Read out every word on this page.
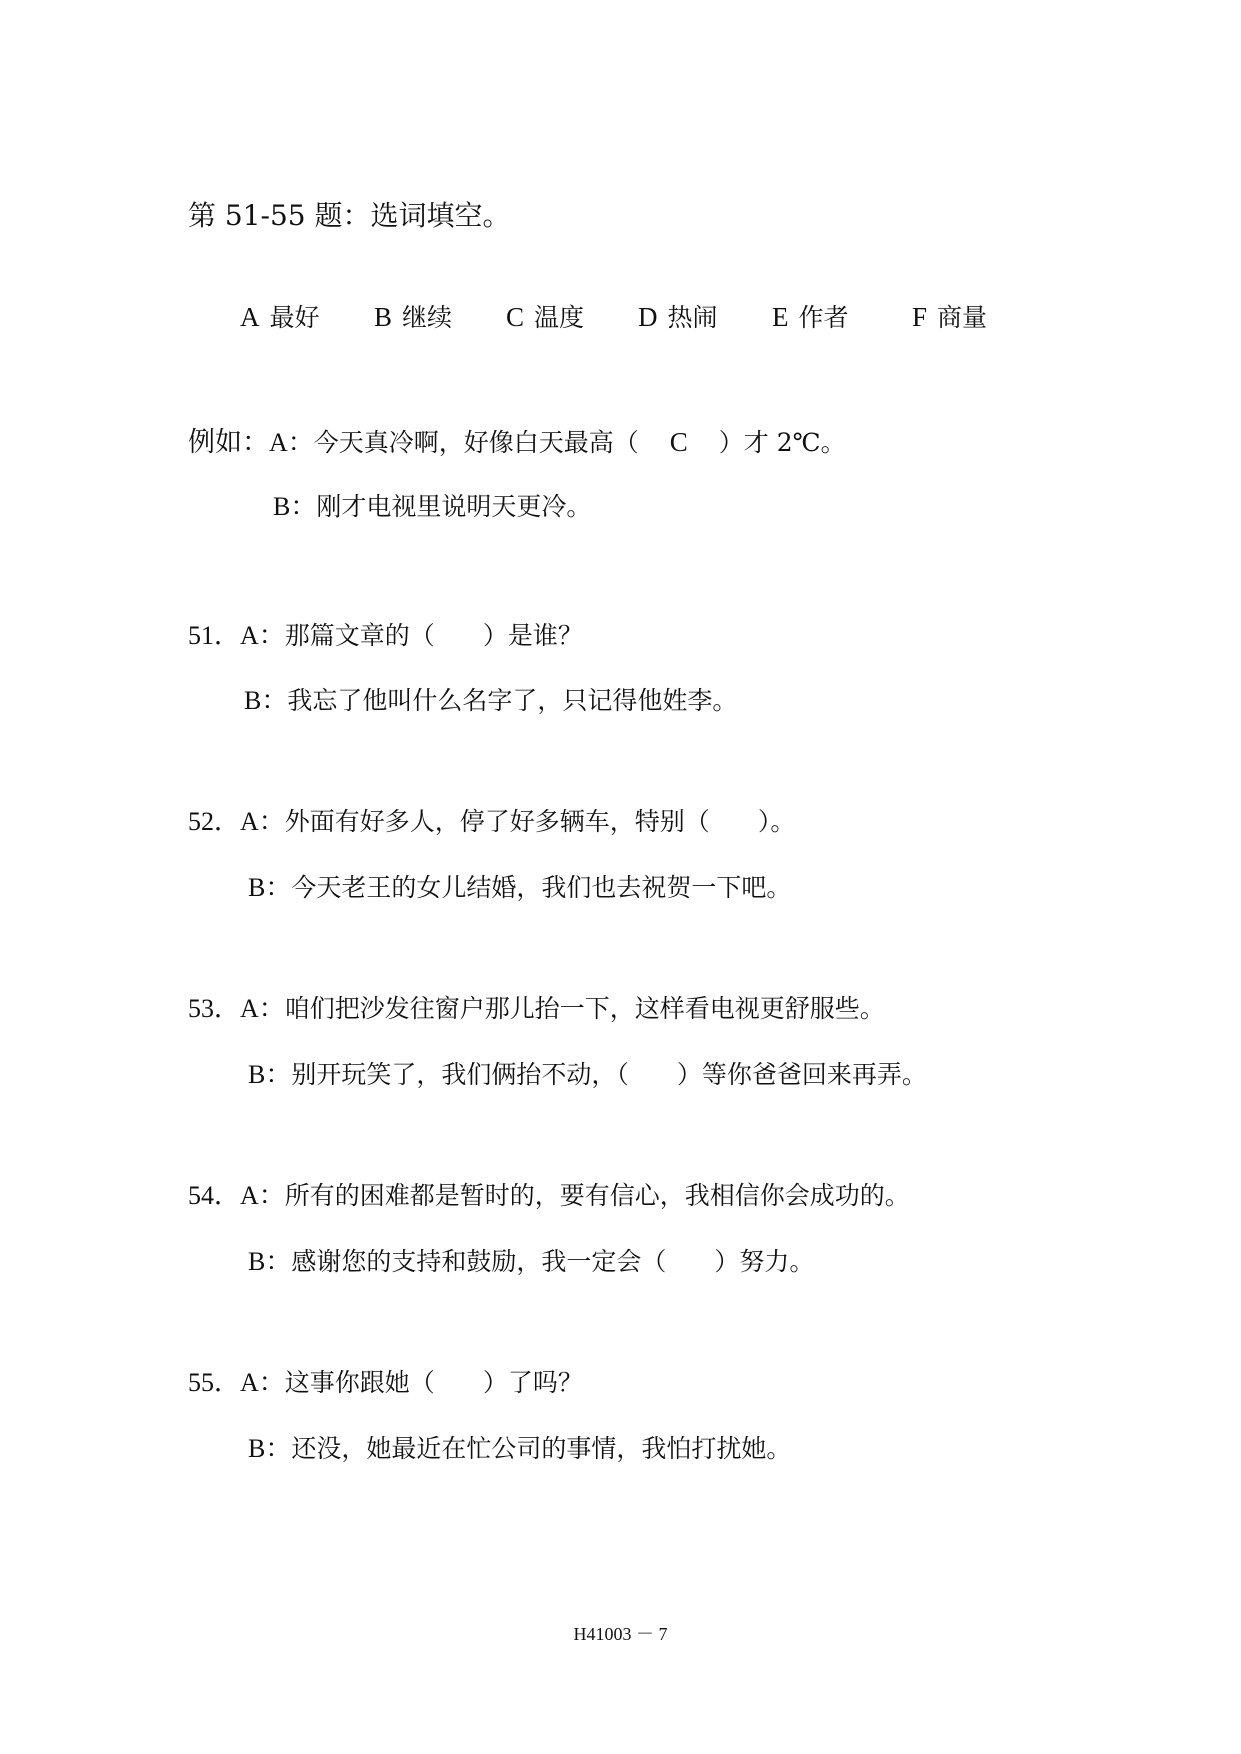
第 51-55 题：选词填空。
A 最好 B 继续 C 温度 D 热闹 E 作者 F 商量
例如：A：今天真冷啊，好像白天最高（ C ）才 2℃。
B：刚才电视里说明天更冷。
51．A：那篇文章的（ ）是谁？
B：我忘了他叫什么名字了，只记得他姓李。
52．A：外面有好多人，停了好多辆车，特别（ ）。
B：今天老王的女儿结婚，我们也去祝贺一下吧。
53．A：咱们把沙发往窗户那儿抬一下，这样看电视更舒服些。
B：别开玩笑了，我们俩抬不动，（ ）等你爸爸回来再弄。
54．A：所有的困难都是暂时的，要有信心，我相信你会成功的。
B：感谢您的支持和鼓励，我一定会（ ）努力。
55．A：这事你跟她（ ）了吗？
B：还没，她最近在忙公司的事情，我怕打扰她。
H41003 － 7
